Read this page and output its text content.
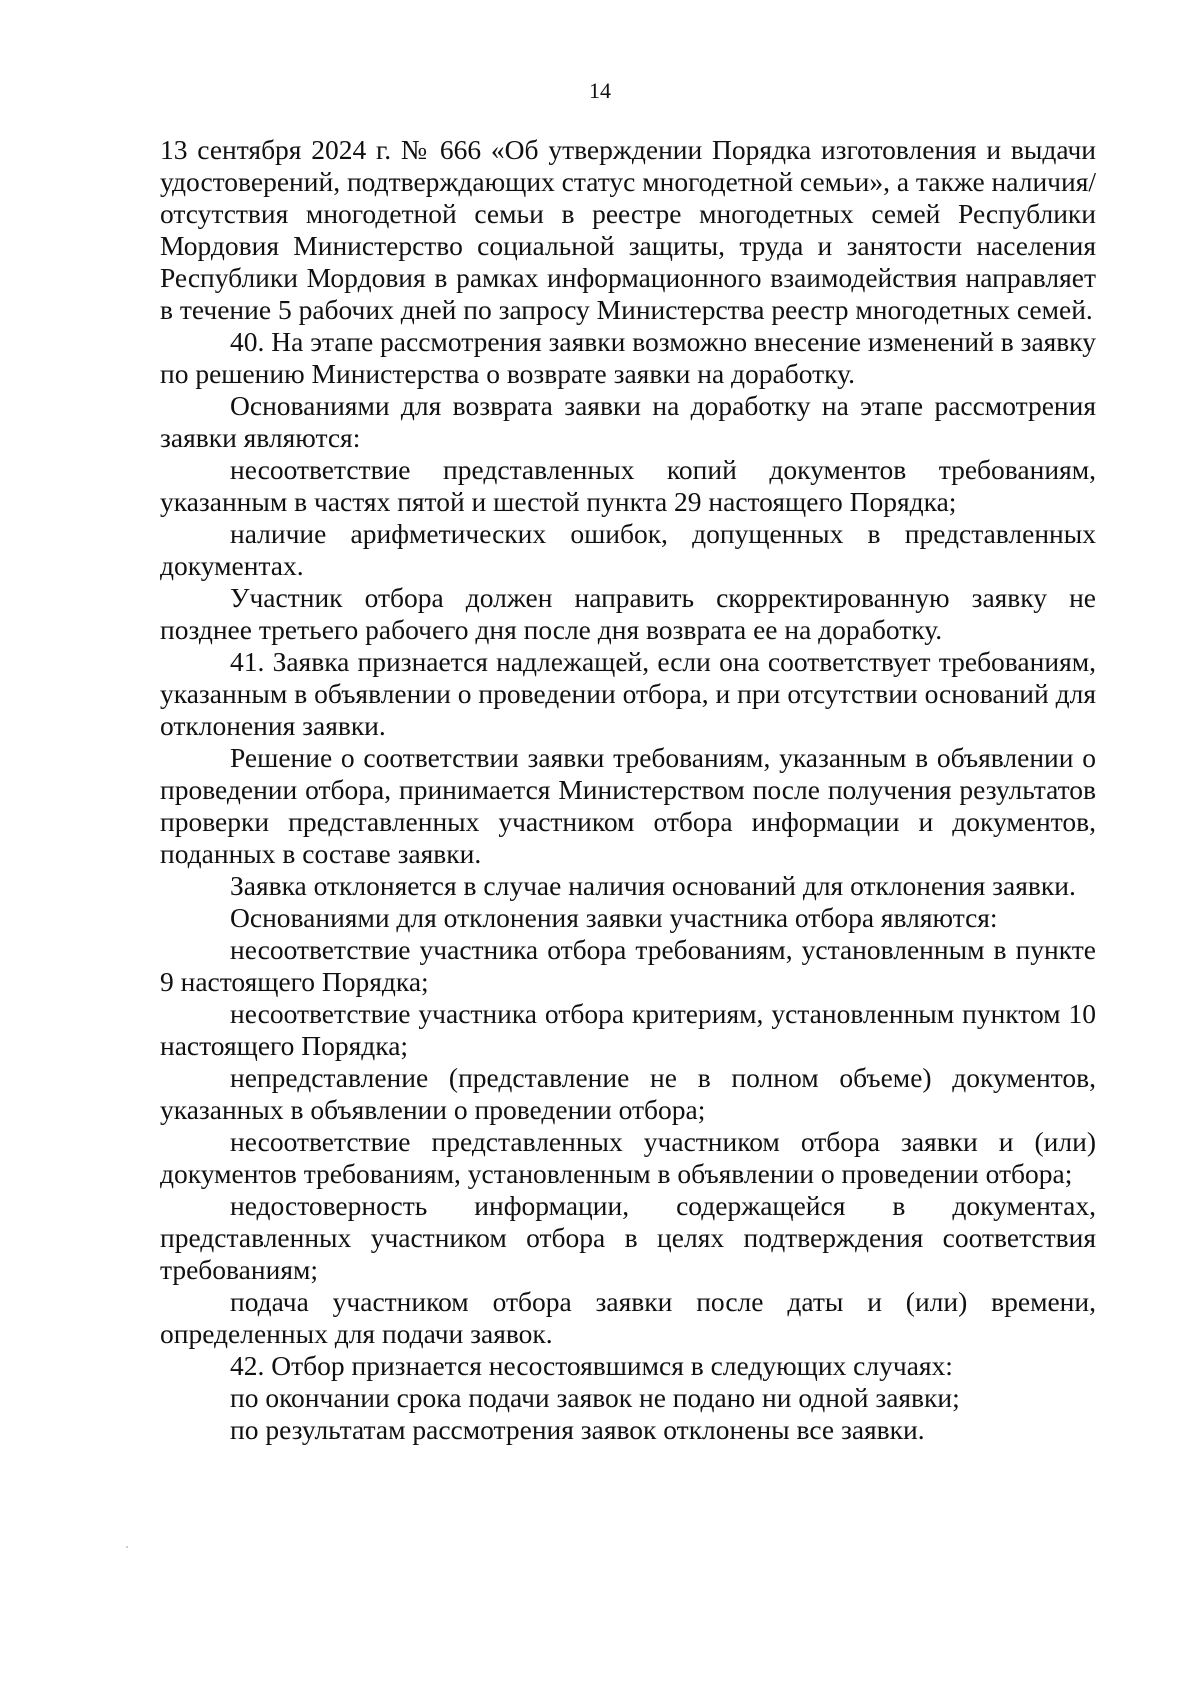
14

13 сентября 2024 г. № 666 «Об утверждении Порядка изготовления и выдачи удостоверений, подтверждающих статус многодетной семьи», а также наличия/отсутствия многодетной семьи в реестре многодетных семей Республики Мордовия Министерство социальной защиты, труда и занятости населения Республики Мордовия в рамках информационного взаимодействия направляет в течение 5 рабочих дней по запросу Министерства реестр многодетных семей.

40. На этапе рассмотрения заявки возможно внесение изменений в заявку по решению Министерства о возврате заявки на доработку.

Основаниями для возврата заявки на доработку на этапе рассмотрения заявки являются:

несоответствие представленных копий документов требованиям, указанным в частях пятой и шестой пункта 29 настоящего Порядка;

наличие арифметических ошибок, допущенных в представленных документах.

Участник отбора должен направить скорректированную заявку не позднее третьего рабочего дня после дня возврата ее на доработку.

41. Заявка признается надлежащей, если она соответствует требованиям, указанным в объявлении о проведении отбора, и при отсутствии оснований для отклонения заявки.

Решение о соответствии заявки требованиям, указанным в объявлении о проведении отбора, принимается Министерством после получения результатов проверки представленных участником отбора информации и документов, поданных в составе заявки.

Заявка отклоняется в случае наличия оснований для отклонения заявки.

Основаниями для отклонения заявки участника отбора являются:

несоответствие участника отбора требованиям, установленным в пункте 9 настоящего Порядка;

несоответствие участника отбора критериям, установленным пунктом 10 настоящего Порядка;

непредставление (представление не в полном объеме) документов, указанных в объявлении о проведении отбора;

несоответствие представленных участником отбора заявки и (или) документов требованиям, установленным в объявлении о проведении отбора;

недостоверность информации, содержащейся в документах, представленных участником отбора в целях подтверждения соответствия требованиям;

подача участником отбора заявки после даты и (или) времени, определенных для подачи заявок.

42. Отбор признается несостоявшимся в следующих случаях:

по окончании срока подачи заявок не подано ни одной заявки;

по результатам рассмотрения заявок отклонены все заявки.
